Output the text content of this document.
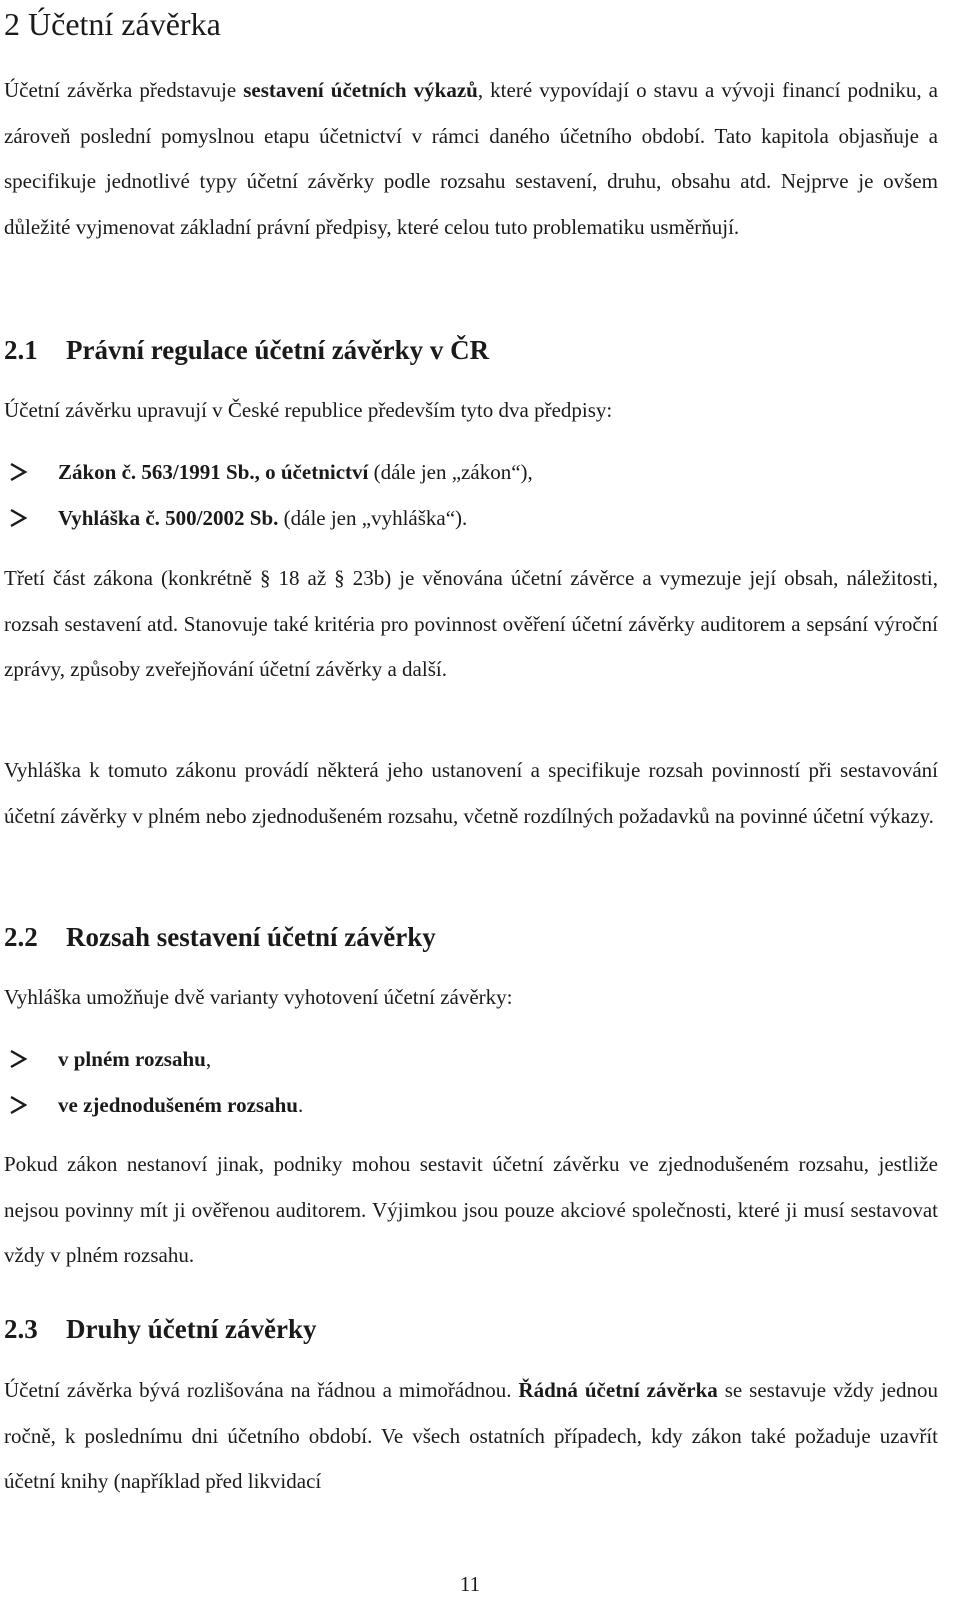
2 Účetní závěrka

Účetní závěrka představuje sestavení účetních výkazů, které vypovídají o stavu a vývoji financí podniku, a zároveň poslední pomyslnou etapu účetnictví v rámci daného účetního období. Tato kapitola objasňuje a specifikuje jednotlivé typy účetní závěrky podle rozsahu sestavení, druhu, obsahu atd. Nejprve je ovšem důležité vyjmenovat základní právní předpisy, které celou tuto problematiku usměrňují.

2.1 Právní regulace účetní závěrky v ČR

Účetní závěrku upravují v České republice především tyto dva předpisy:

Zákon č. 563/1991 Sb., o účetnictví (dále jen „zákon“),
Vyhláška č. 500/2002 Sb. (dále jen „vyhláška“).

Třetí část zákona (konkrétně § 18 až § 23b) je věnována účetní závěrce a vymezuje její obsah, náležitosti, rozsah sestavení atd. Stanovuje také kritéria pro povinnost ověření účetní závěrky auditorem a sepsání výroční zprávy, způsoby zveřejňování účetní závěrky a další.

Vyhláška k tomuto zákonu provádí některá jeho ustanovení a specifikuje rozsah povinností při sestavování účetní závěrky v plném nebo zjednodušeném rozsahu, včetně rozdílných požadavků na povinné účetní výkazy.

2.2 Rozsah sestavení účetní závěrky

Vyhláška umožňuje dvě varianty vyhotovení účetní závěrky:

v plném rozsahu,
ve zjednodušeném rozsahu.

Pokud zákon nestanoví jinak, podniky mohou sestavit účetní závěrku ve zjednodušeném rozsahu, jestliže nejsou povinny mít ji ověřenou auditorem. Výjimkou jsou pouze akciové společnosti, které ji musí sestavovat vždy v plném rozsahu.

2.3 Druhy účetní závěrky

Účetní závěrka bývá rozlišována na řádnou a mimořádnou. Řádná účetní závěrka se sestavuje vždy jednou ročně, k poslednímu dni účetního období. Ve všech ostatních případech, kdy zákon také požaduje uzavřít účetní knihy (například před likvidací

11
